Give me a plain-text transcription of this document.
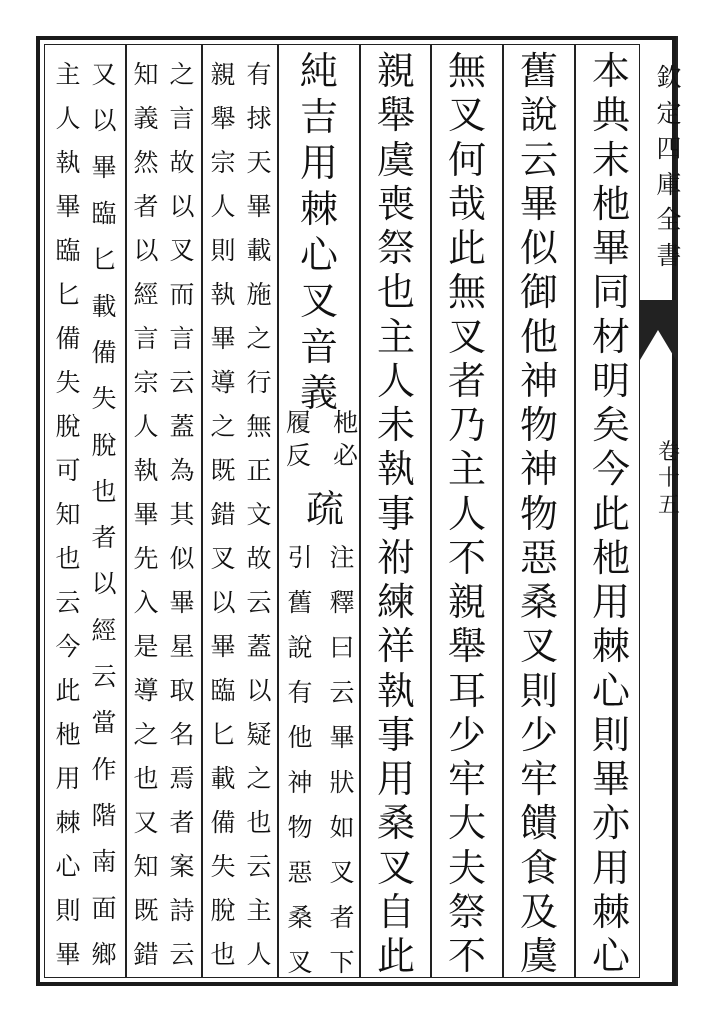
欽
定
四
庫
全
書
卷
十
五
本
典
末
杝
畢
同
材
明
矣
今
此
杝
用
棘
心
則
畢
亦
用
棘
心
舊
說
云
畢
似
御
他
神
物
神
物
惡
桑
叉
則
少
牢
饋
食
及
虞
無
叉
何
哉
此
無
叉
者
乃
主
人
不
親
舉
耳
少
牢
大
夫
祭
不
親
舉
虞
喪
祭
也
主
人
未
執
事
祔
練
祥
執
事
用
桑
叉
自
此
純
吉
用
棘
心
叉
音
義
杝
必
履
反
疏
注
釋
曰
云
畢
狀
如
叉
者
下
引
舊
說
有
他
神
物
惡
桑
叉
有
捄
天
畢
載
施
之
行
無
正
文
故
云
蓋
以
疑
之
也
云
主
人
親
舉
宗
人
則
執
畢
導
之
既
錯
叉
以
畢
臨
匕
載
備
失
脫
也
之
言
故
以
叉
而
言
云
蓋
為
其
似
畢
星
取
名
焉
者
案
詩
云
知
義
然
者
以
經
言
宗
人
執
畢
先
入
是
導
之
也
又
知
既
錯
又
以
畢
臨
匕
載
備
失
脫
也
者
以
經
云
當
作
階
南
面
鄉
主
人
執
畢
臨
匕
備
失
脫
可
知
也
云
今
此
杝
用
棘
心
則
畢
